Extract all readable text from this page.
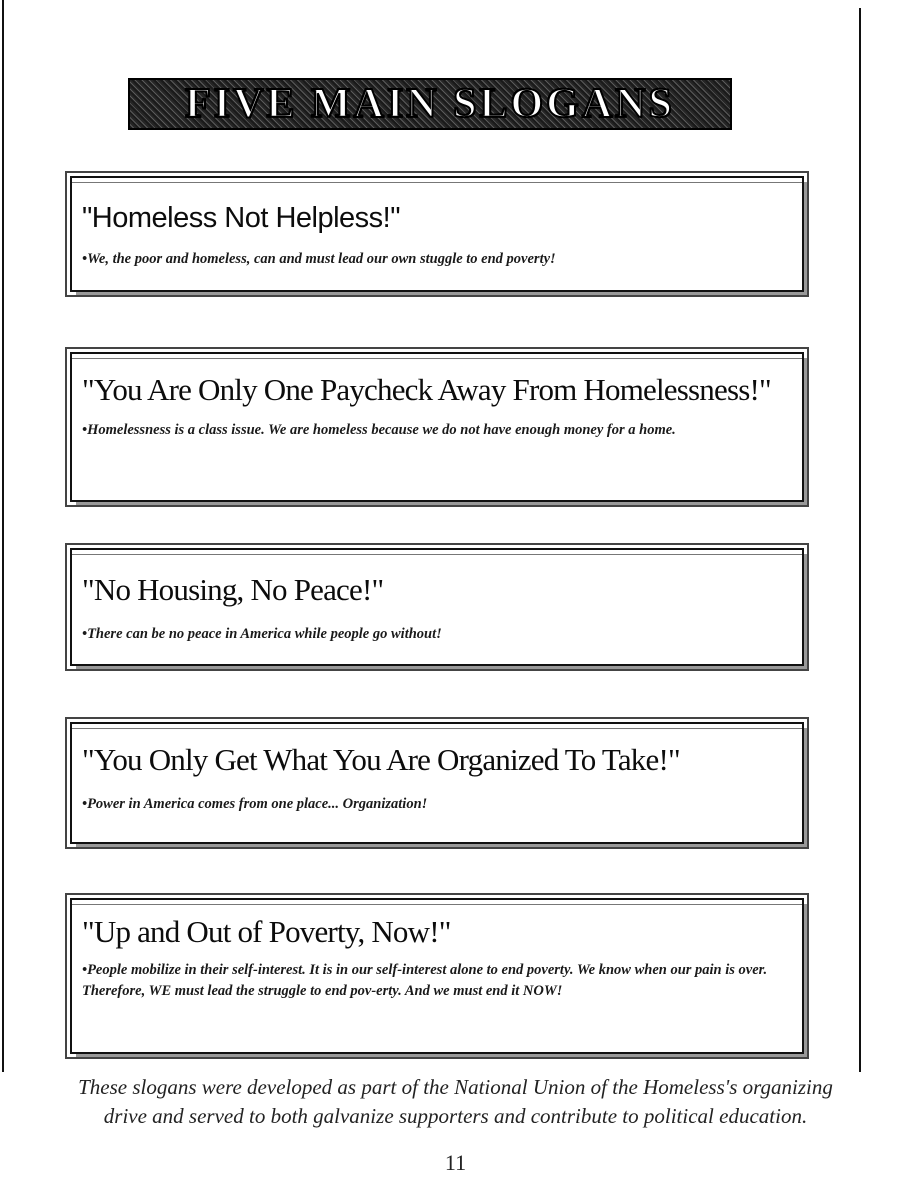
FIVE MAIN SLOGANS

"Homeless Not Helpless!"

•We, the poor and homeless, can and must lead our own stuggle to end poverty!

"You Are Only One Paycheck Away From Homelessness!"

•Homelessness is a class issue. We are homeless because we do not have enough money for a home.

"No Housing, No Peace!"

•There can be no peace in America while people go without!

"You Only Get What You Are Organized To Take!"

•Power in America comes from one place... Organization!

"Up and Out of Poverty, Now!"

•People mobilize in their self-interest. It is in our self-interest alone to end poverty. We know when our pain is over. Therefore, WE must lead the struggle to end pov-erty. And we must end it NOW!

These slogans were developed as part of the National Union of the Homeless's organizing
drive and served to both galvanize supporters and contribute to political education.
11
